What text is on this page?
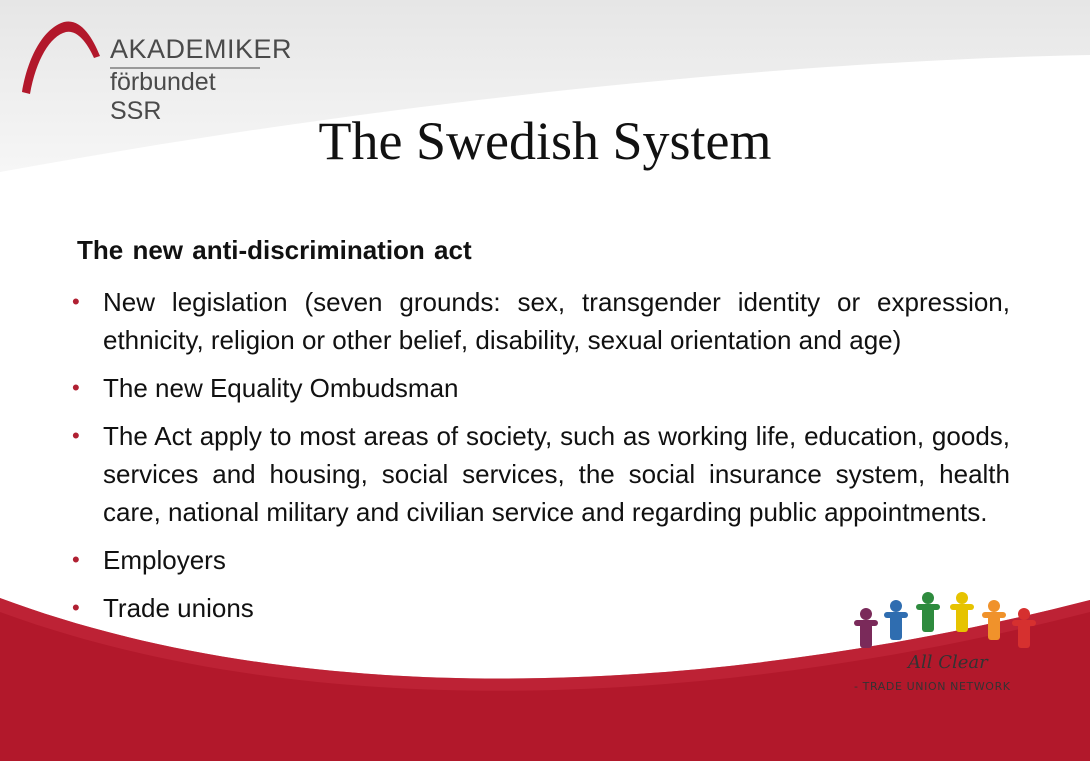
AKADEMIKER
förbundet SSR	The Swedish System
The new anti-discrimination act
• New legislation (seven grounds: sex, transgender identity or expression, ethnicity, religion or other belief, disability, sexual orientation and age)
• The new Equality Ombudsman
• The Act apply to most areas of society, such as working life, education, goods, services and housing, social services, the social insurance system, health care, national military and civilian service and regarding public appointments.
• Employers
• Trade unions
All Clear
- TRADE UNION NETWORK
